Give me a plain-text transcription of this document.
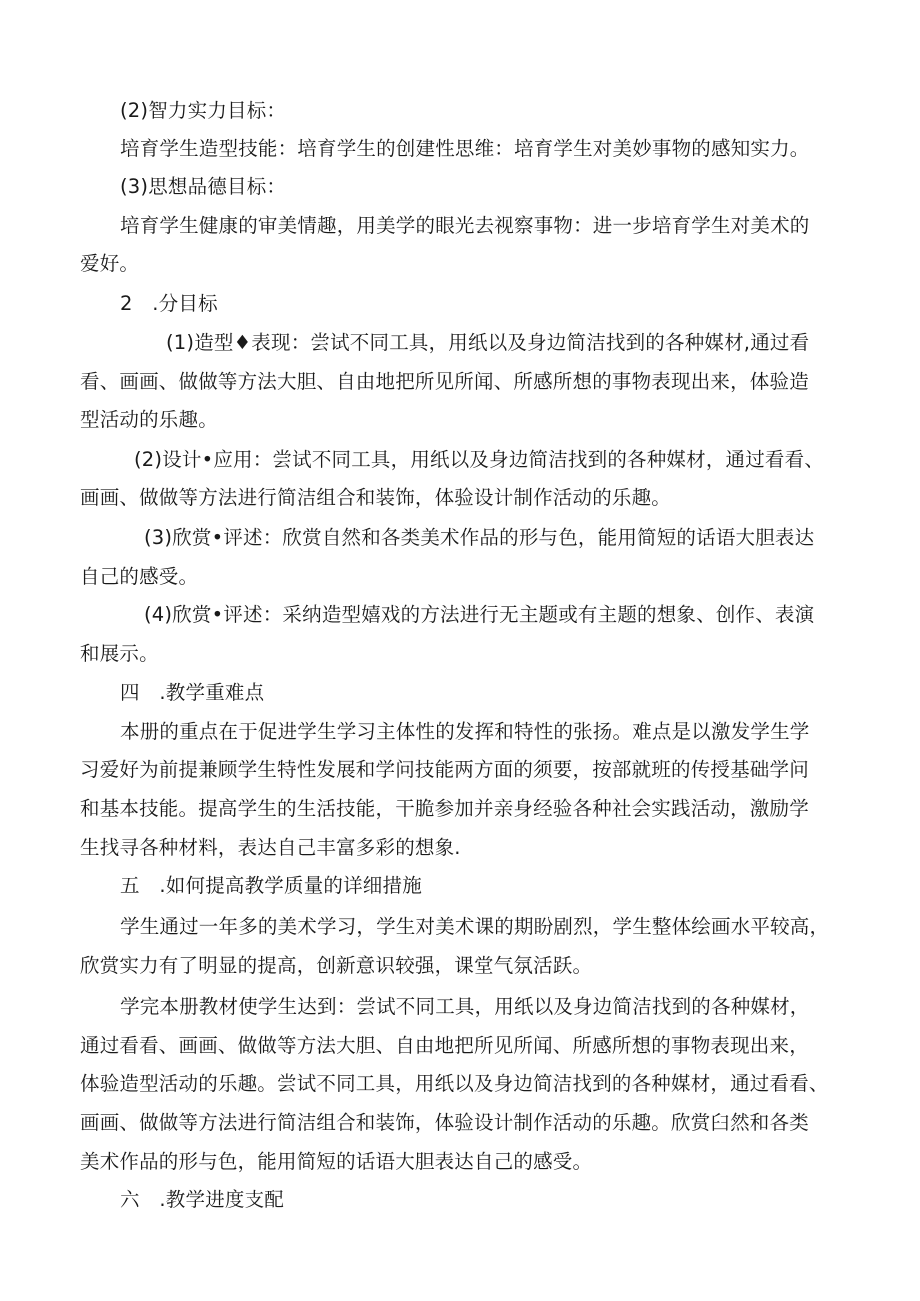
(2)智力实力目标：
培育学生造型技能：培育学生的创建性思维：培育学生对美妙事物的感知实力。
(3)思想品德目标：
培育学生健康的审美情趣，用美学的眼光去视察事物：进一步培育学生对美术的
爱好。
2　.分目标
(1)造型♦表现：尝试不同工具，用纸以及身边简洁找到的各种媒材,通过看
看、画画、做做等方法大胆、自由地把所见所闻、所感所想的事物表现出来，体验造
型活动的乐趣。
(2)设计•应用：尝试不同工具，用纸以及身边简洁找到的各种媒材，通过看看、
画画、做做等方法进行简洁组合和装饰，体验设计制作活动的乐趣。
(3)欣赏•评述：欣赏自然和各类美术作品的形与色，能用简短的话语大胆表达
自己的感受。
(4)欣赏•评述：采纳造型嬉戏的方法进行无主题或有主题的想象、创作、表演
和展示。
四　.教学重难点
本册的重点在于促进学生学习主体性的发挥和特性的张扬。难点是以激发学生学
习爱好为前提兼顾学生特性发展和学问技能两方面的须要，按部就班的传授基础学问
和基本技能。提高学生的生活技能，干脆参加并亲身经验各种社会实践活动，激励学
生找寻各种材料，表达自己丰富多彩的想象.
五　.如何提高教学质量的详细措施
学生通过一年多的美术学习，学生对美术课的期盼剧烈，学生整体绘画水平较高，
欣赏实力有了明显的提高，创新意识较强，课堂气氛活跃。
学完本册教材使学生达到：尝试不同工具，用纸以及身边简洁找到的各种媒材，
通过看看、画画、做做等方法大胆、自由地把所见所闻、所感所想的事物表现出来，
体验造型活动的乐趣。尝试不同工具，用纸以及身边简洁找到的各种媒材，通过看看、
画画、做做等方法进行简洁组合和装饰，体验设计制作活动的乐趣。欣赏臼然和各类
美术作品的形与色，能用简短的话语大胆表达自己的感受。
六　.教学进度支配
